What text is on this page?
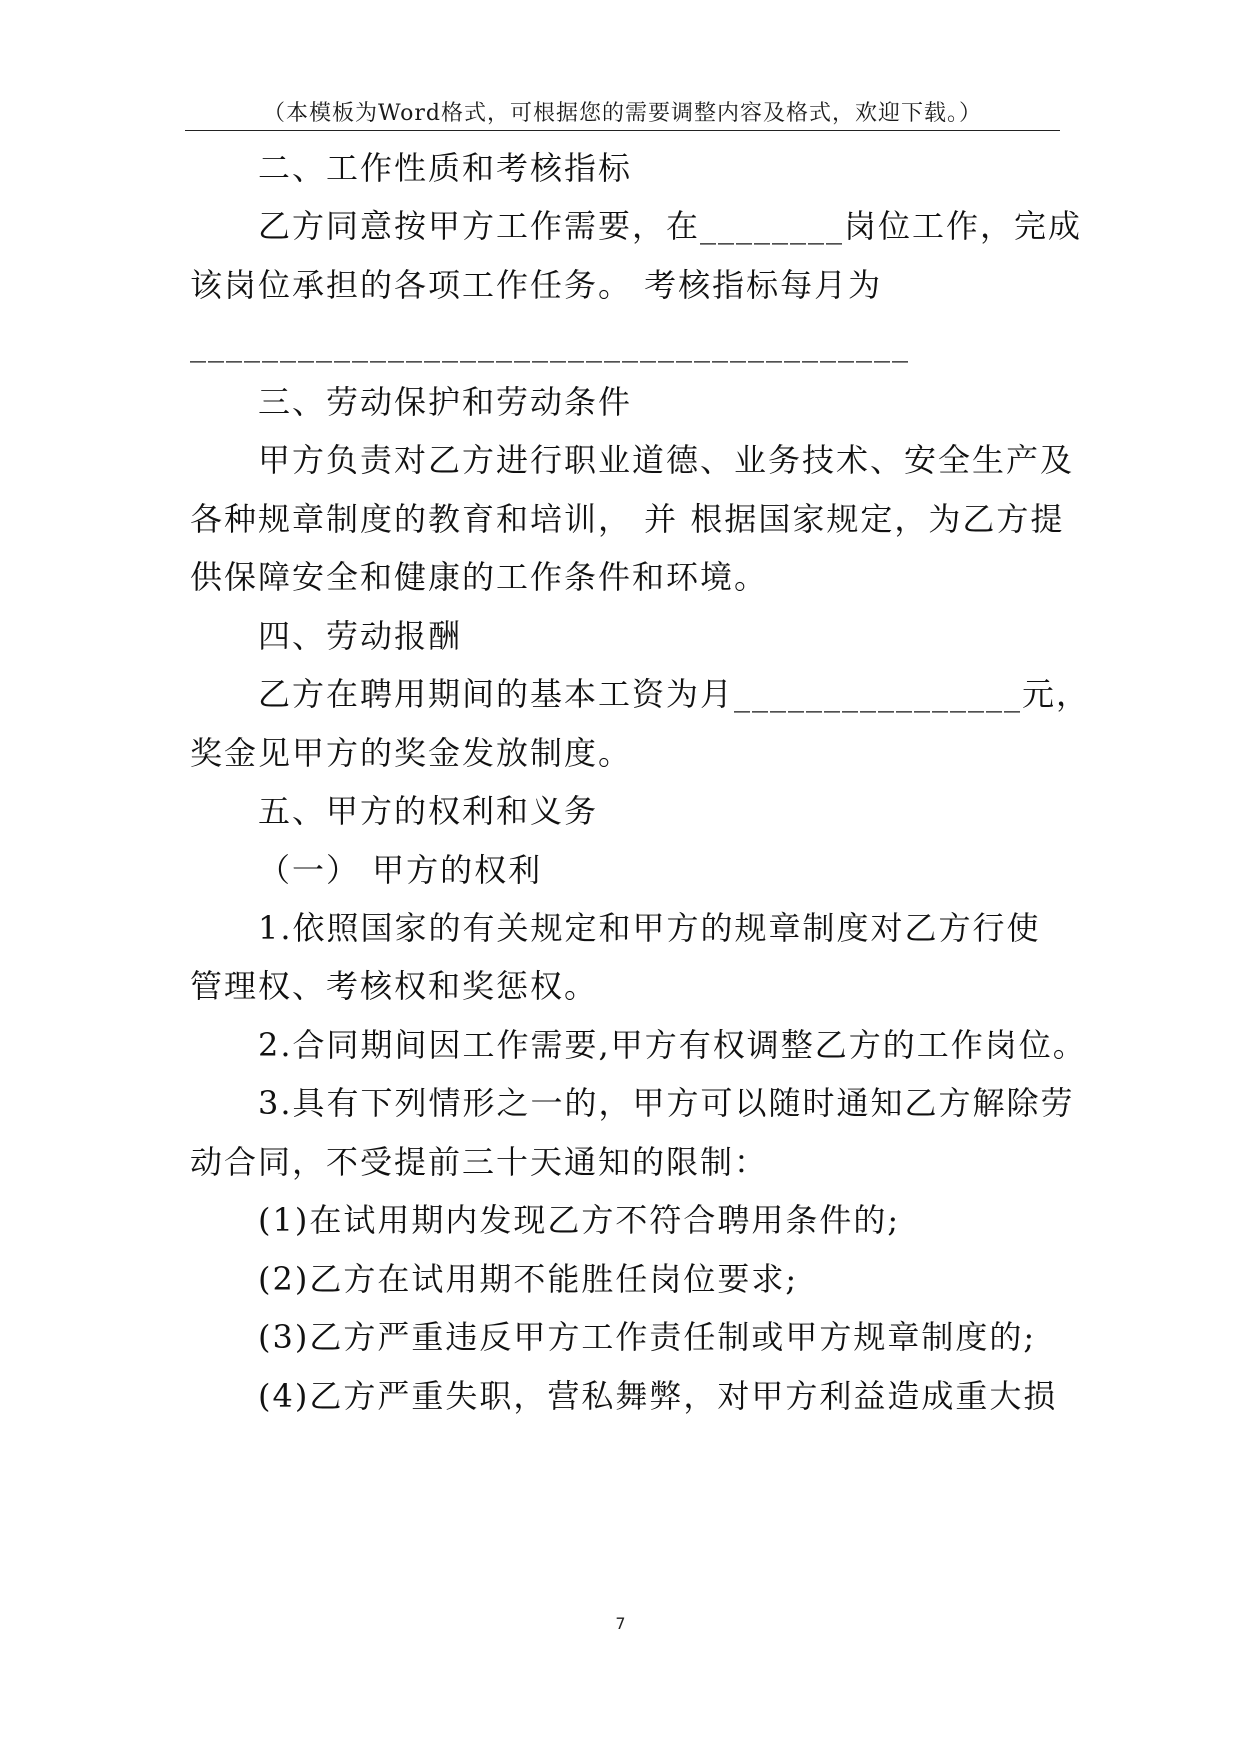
（本模板为Word格式，可根据您的需要调整内容及格式，欢迎下载。）
二、工作性质和考核指标
乙方同意按甲方工作需要，在________岗位工作，完成
该岗位承担的各项工作任务。 考核指标每月为
________________________________________
三、劳动保护和劳动条件
甲方负责对乙方进行职业道德、业务技术、安全生产及
各种规章制度的教育和培训， 并 根据国家规定，为乙方提
供保障安全和健康的工作条件和环境。
四、劳动报酬
乙方在聘用期间的基本工资为月________________元，
奖金见甲方的奖金发放制度。
五、甲方的权利和义务
（一） 甲方的权利
1.依照国家的有关规定和甲方的规章制度对乙方行使
管理权、考核权和奖惩权。
2.合同期间因工作需要,甲方有权调整乙方的工作岗位。
3.具有下列情形之一的，甲方可以随时通知乙方解除劳
动合同，不受提前三十天通知的限制：
(1)在试用期内发现乙方不符合聘用条件的;
(2)乙方在试用期不能胜任岗位要求;
(3)乙方严重违反甲方工作责任制或甲方规章制度的;
(4)乙方严重失职，营私舞弊，对甲方利益造成重大损
7
